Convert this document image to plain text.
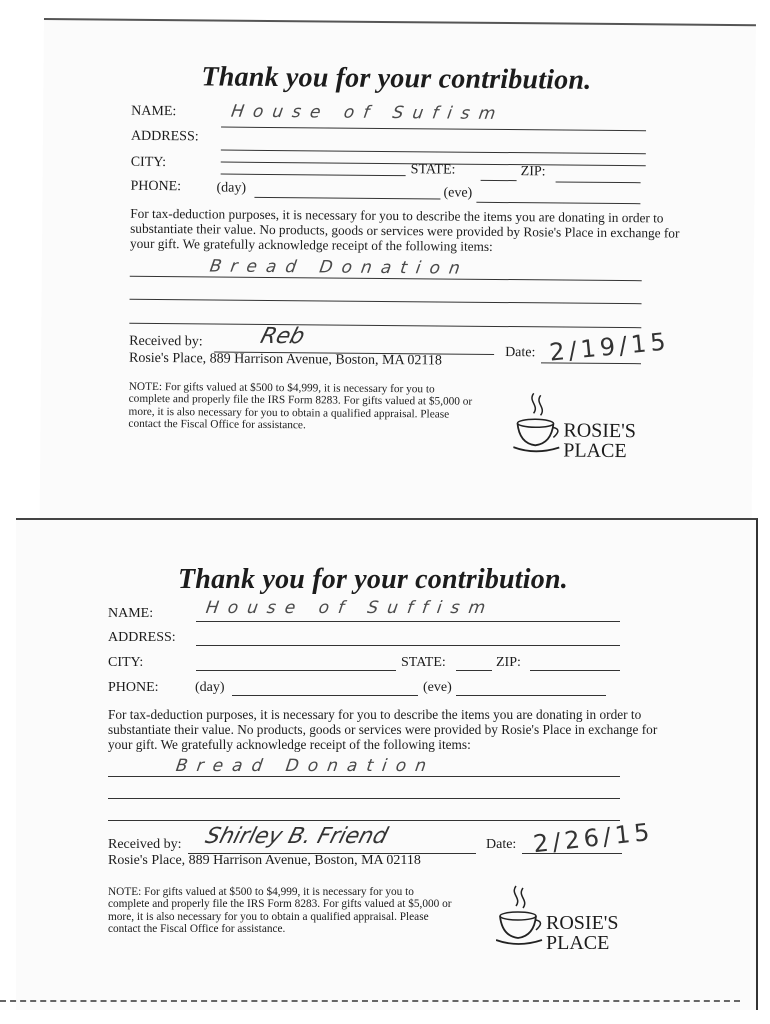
Thank you for your contribution.
NAME:	House of Sufism
ADDRESS:
CITY:	STATE:	ZIP:
PHONE:	(day)	(eve)
For tax-deduction purposes, it is necessary for you to describe the items you are donating in order to substantiate their value. No products, goods or services were provided by Rosie's Place in exchange for your gift. We gratefully acknowledge receipt of the following items:
Bread Donation
Received by:	Reb
Date: 2/19/15
Rosie's Place, 889 Harrison Avenue, Boston, MA 02118
NOTE: For gifts valued at $500 to $4,999, it is necessary for you to complete and properly file the IRS Form 8283. For gifts valued at $5,000 or more, it is also necessary for you to obtain a qualified appraisal. Please contact the Fiscal Office for assistance.	ROSIE'S
PLACE
Thank you for your contribution.
NAME:	House of Suffism
ADDRESS:
CITY:	STATE:	ZIP:
PHONE:	(day)	(eve)
For tax-deduction purposes, it is necessary for you to describe the items you are donating in order to substantiate their value. No products, goods or services were provided by Rosie's Place in exchange for your gift. We gratefully acknowledge receipt of the following items:
Bread Donation
Received by: Shirley B. Friend	Date: 2/26/15
Rosie's Place, 889 Harrison Avenue, Boston, MA 02118
NOTE: For gifts valued at $500 to $4,999, it is necessary for you to complete and properly file the IRS Form 8283. For gifts valued at $5,000 or more, it is also necessary for you to obtain a qualified appraisal. Please contact the Fiscal Office for assistance.	ROSIE'S
PLACE
